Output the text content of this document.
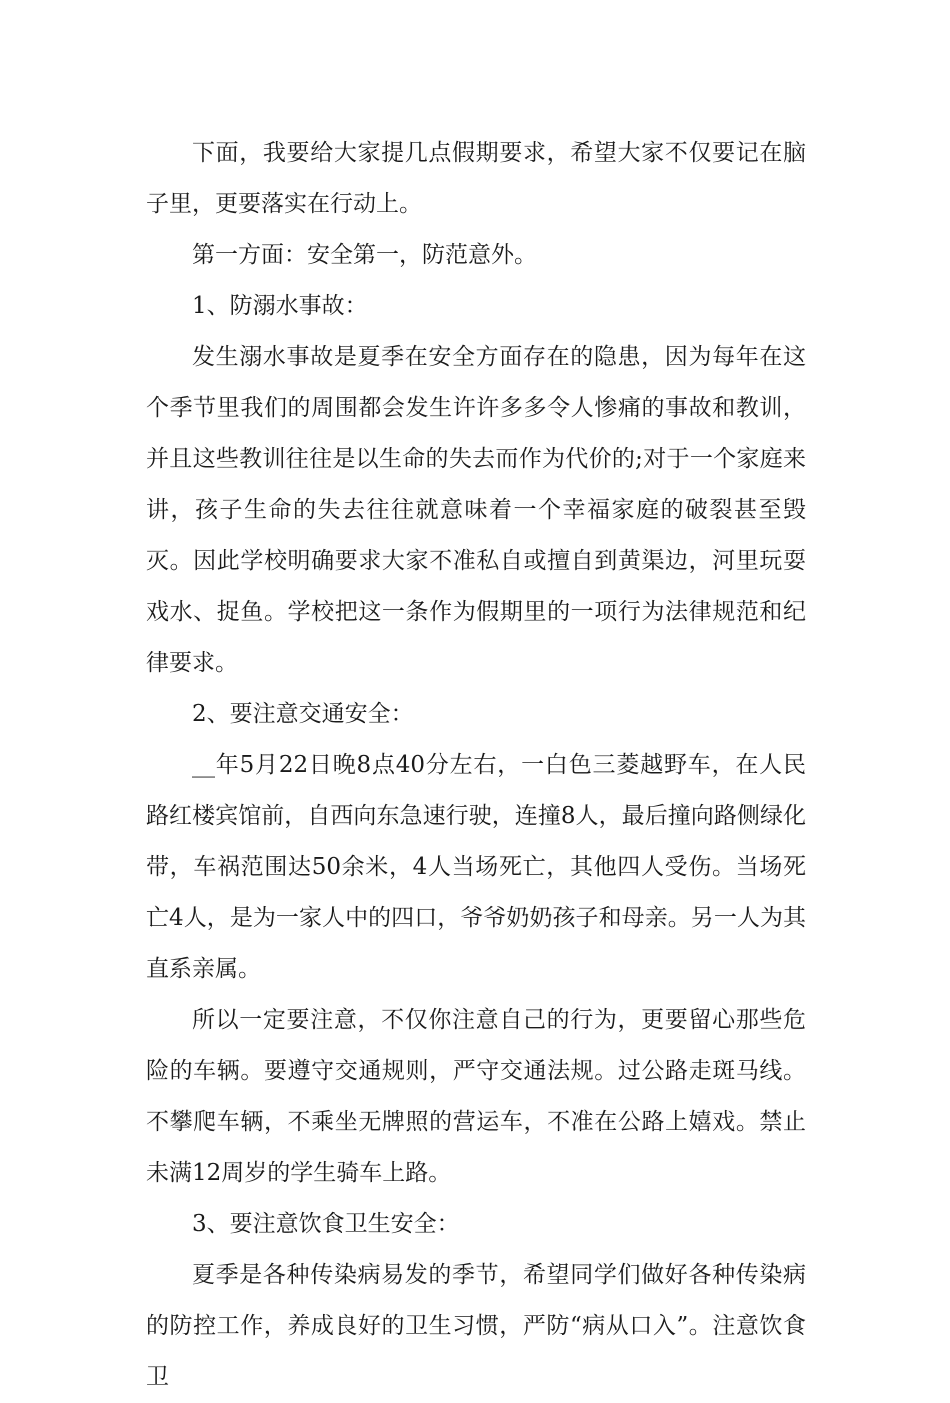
下面，我要给大家提几点假期要求，希望大家不仅要记在脑子里，更要落实在行动上。

第一方面：安全第一，防范意外。

1、防溺水事故：

发生溺水事故是夏季在安全方面存在的隐患，因为每年在这个季节里我们的周围都会发生许许多多令人惨痛的事故和教训，并且这些教训往往是以生命的失去而作为代价的;对于一个家庭来讲，孩子生命的失去往往就意味着一个幸福家庭的破裂甚至毁灭。因此学校明确要求大家不准私自或擅自到黄渠边，河里玩耍戏水、捉鱼。学校把这一条作为假期里的一项行为法律规范和纪律要求。

2、要注意交通安全：

__年5月22日晚8点40分左右，一白色三菱越野车，在人民路红楼宾馆前，自西向东急速行驶，连撞8人，最后撞向路侧绿化带，车祸范围达50余米，4人当场死亡，其他四人受伤。当场死亡4人，是为一家人中的四口，爷爷奶奶孩子和母亲。另一人为其直系亲属。

所以一定要注意，不仅你注意自己的行为，更要留心那些危险的车辆。要遵守交通规则，严守交通法规。过公路走斑马线。不攀爬车辆，不乘坐无牌照的营运车，不准在公路上嬉戏。禁止未满12周岁的学生骑车上路。

3、要注意饮食卫生安全：

夏季是各种传染病易发的季节，希望同学们做好各种传染病的防控工作，养成良好的卫生习惯，严防“病从口入”。注意饮食卫
